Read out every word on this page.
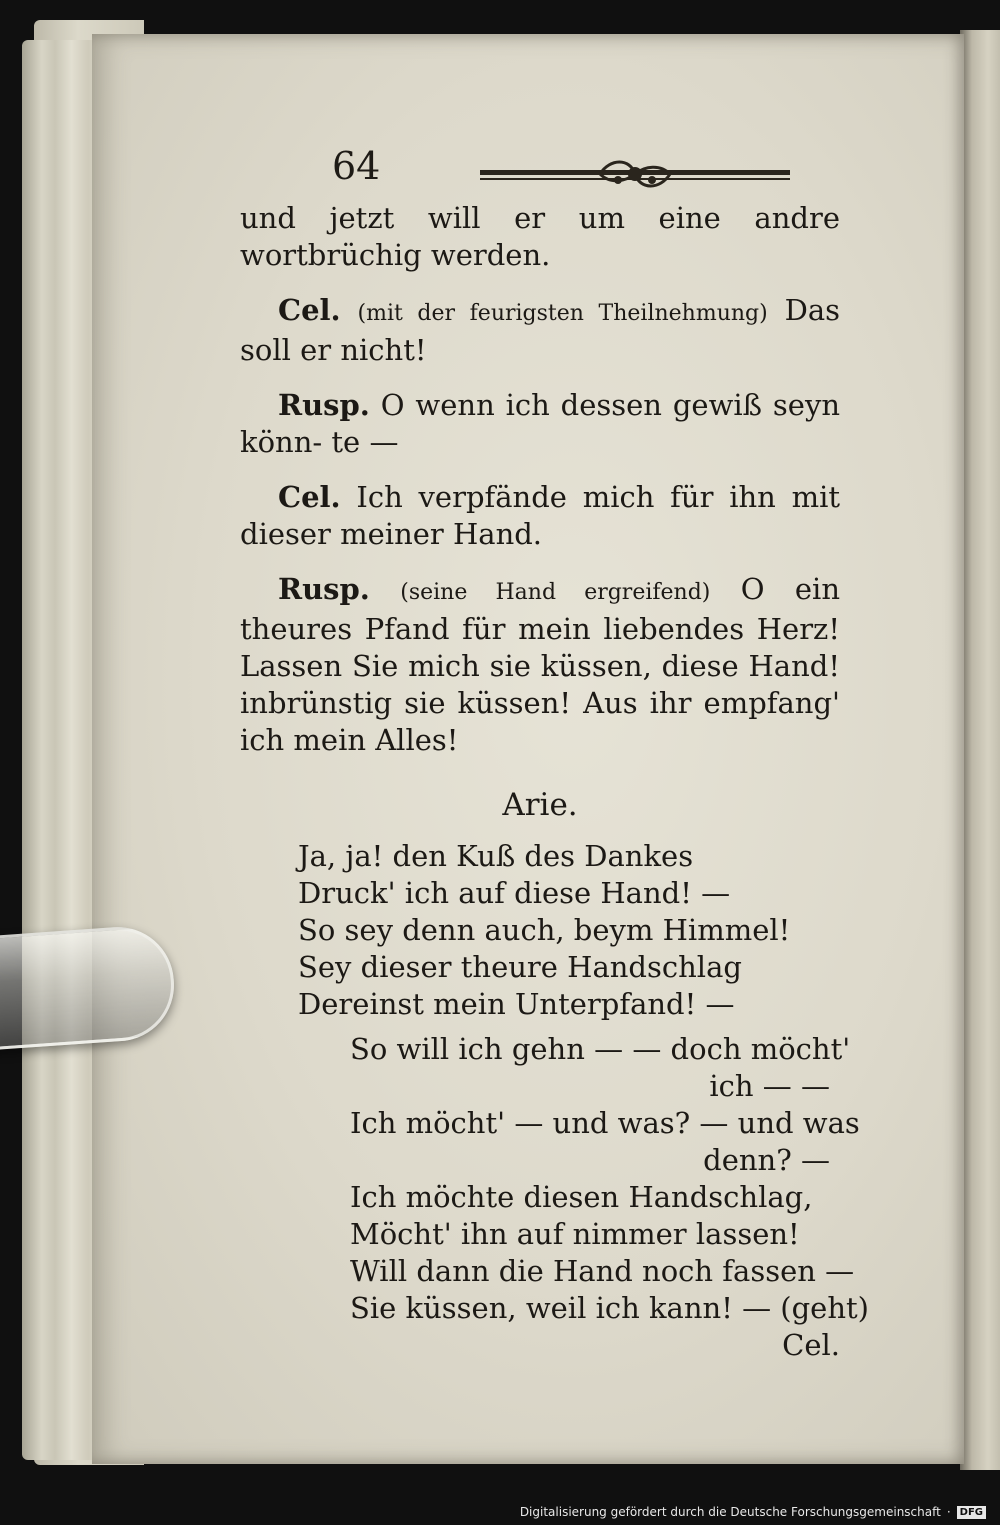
64

und jetzt will er um eine andre wortbrüchig werden.

Cel. (mit der feurigsten Theilnehmung) Das soll er nicht!

Rusp. O wenn ich dessen gewiß seyn könn- te —

Cel. Ich verpfände mich für ihn mit dieser meiner Hand.

Rusp. (seine Hand ergreifend) O ein theures Pfand für mein liebendes Herz! Lassen Sie mich sie küssen, diese Hand! inbrünstig sie küssen! Aus ihr empfang' ich mein Alles!

Arie.
Ja, ja! den Kuß des Dankes
Druck' ich auf diese Hand! —
So sey denn auch, beym Himmel!
Sey dieser theure Handschlag
Dereinst mein Unterpfand! —
So will ich gehn — — doch möcht'
ich — —
Ich möcht' — und was? — und was
denn? —
Ich möchte diesen Handschlag,
Möcht' ihn auf nimmer lassen!
Will dann die Hand noch fassen —
Sie küssen, weil ich kann! — (geht)
Cel.
Digitalisierung gefördert durch die Deutsche Forschungsgemeinschaft · DFG
